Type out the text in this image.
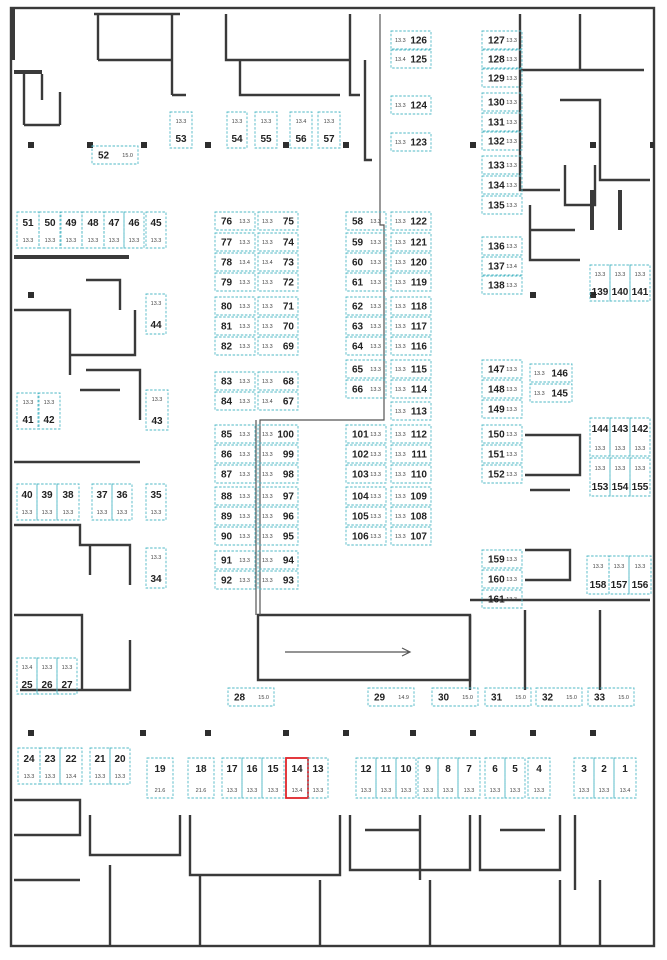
126
13.3
125
13.4
124
13.3
123
13.3
127 13.3
128 13.3
129 13.3
130 13.3
131 13.3
132 13.3
133 13.3
134 13.3
135 13.3
136 13.3
137 13.4
138 13.3
53
13.3
54
13.3
55
13.3
56
13.4
57
13.3
52 15.0
51
13.3
50
13.3
49
13.3
48
13.3
47
13.3
46
13.3
45
13.3
44
13.3
76 13.3
77 13.3
78 13.4
79 13.3
80 13.3
81 13.3
82 13.3
75
13.3
74
13.3
73
13.4
72
13.3
71
13.3
70
13.3
69
13.3
83 13.3
84 13.3
68
13.3
67
13.4
58 13.3
59 13.3
60 13.3
61 13.3
62 13.3
63 13.3
64 13.3
65 13.3
66 13.3
122
13.3
121
13.3
120
13.3
119
13.3
118
13.3
117
13.3
116
13.3
115
13.3
114
13.3
113
13.3
139
13.3
140
13.3
141
13.3
147 13.3
148 13.3
149 13.3
146
13.3
145
13.3
41
13.3
42
13.3
43
13.3
85 13.3
86 13.3
87 13.3
88 13.3
89 13.3
90 13.3
91 13.3
92 13.3
100
13.3
99
13.3
98
13.3
97
13.3
96
13.3
95
13.3
94
13.3
93
13.3
101 13.3
102 13.3
103 13.3
104 13.3
105 13.3
106 13.3
112
13.3
111
13.3
110
13.3
109
13.3
108
13.3
107
13.3
150 13.3
151 13.3
152 13.3
144
13.3
143
13.3
142
13.3
153
13.3
154
13.3
155
13.3
40
13.3
39
13.3
38
13.3
37
13.3
36
13.3
35
13.3
34
13.3	159 13.3
160 13.3
161 13.3
158
13.3
157
13.3
156
13.3
25
13.4
26
13.3
27
13.3
28 15.0	29 14.9	30 15.0 31 15.0 32 15.0 33 15.0
24
13.3
23
13.3
22
13.4
21
13.3
20
13.3
19
21.6
18
21.6
17
13.3
16
13.3
15
13.3
14
13.4
13
13.3
12
13.3
11
13.3
10
13.3
9
13.3
8
13.3
7
13.3
6
13.3
5
13.3
4
13.3
3
13.3
2
13.3
1
13.4
